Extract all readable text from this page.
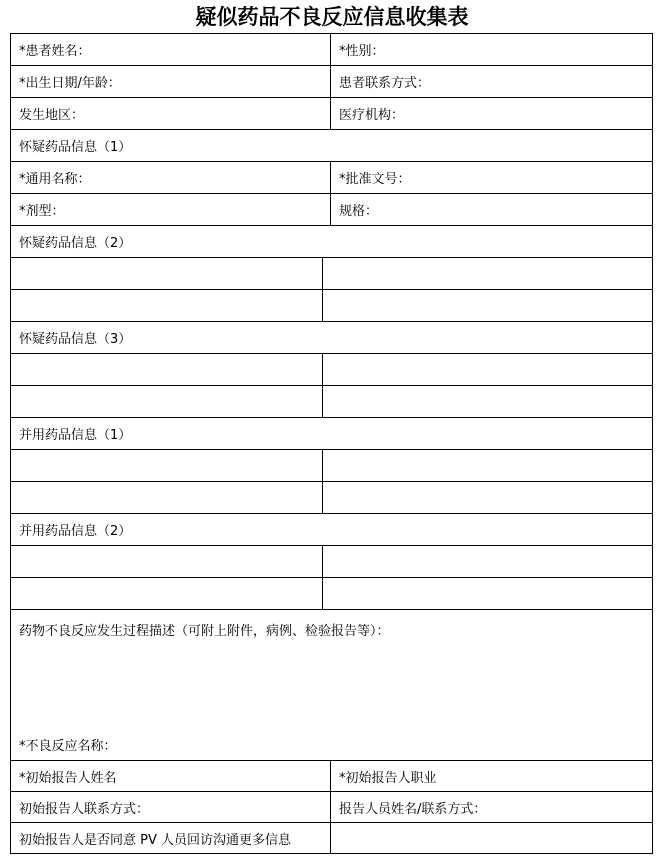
疑似药品不良反应信息收集表
*患者姓名：		*性别：
*出生日期/年龄：		患者联系方式：
发生地区：		医疗机构：
怀疑药品信息（1）		
*通用名称：		*批准文号：
*剂型：		规格：
怀疑药品信息（2）		

怀疑药品信息（3）		

并用药品信息（1）		

并用药品信息（2）		

药物不良反应发生过程描述（可附上附件，病例、检验报告等）：
*不良反应名称：		

*初始报告人姓名		*初始报告人职业
初始报告人联系方式：		报告人员姓名/联系方式：
初始报告人是否同意 PV 人员回访沟通更多信息		
